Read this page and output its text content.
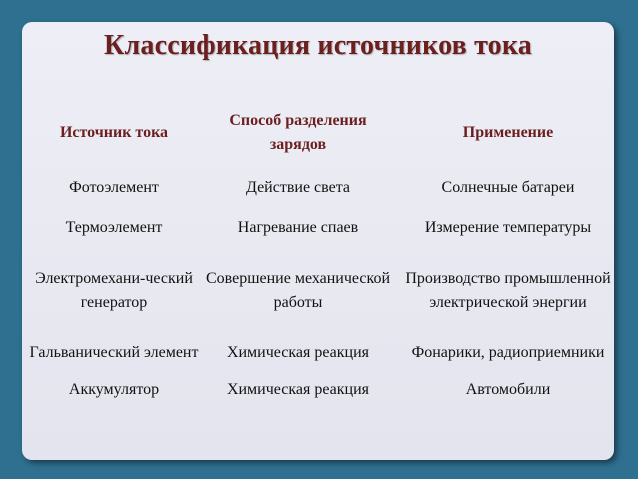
Классификация источников тока
Источник тока	Способ разделения зарядов	Применение
Фотоэлемент	Действие света	Солнечные батареи
Термоэлемент	Нагревание спаев	Измерение температуры
Электромехани-ческий генератор	Совершение механической работы	Производство промышленной электрической энергии
Гальванический элемент	Химическая реакция	Фонарики, радиоприемники
Аккумулятор	Химическая реакция	Автомобили
